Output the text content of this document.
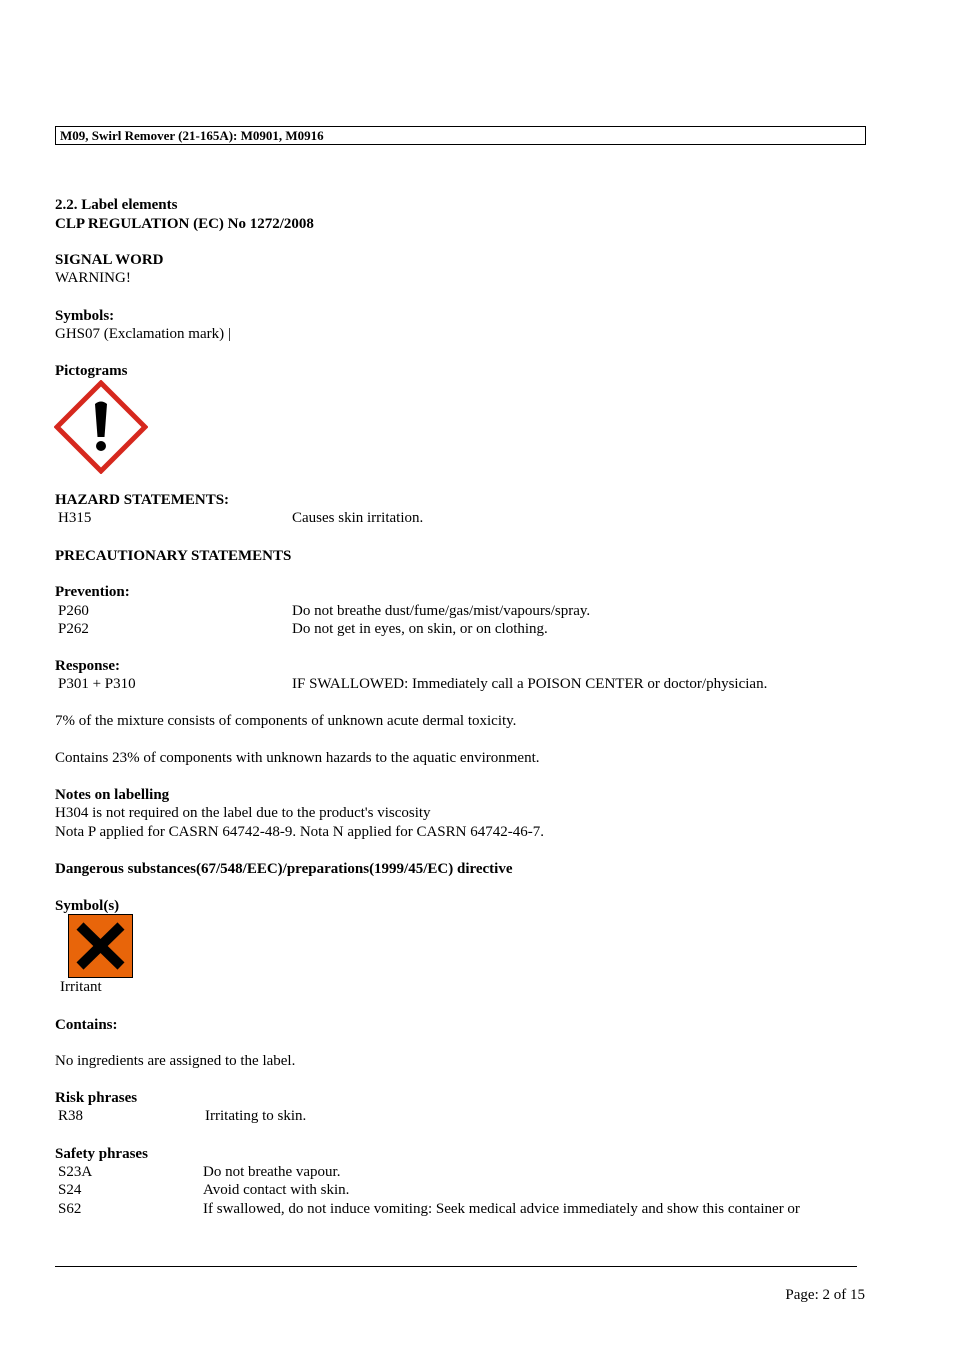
M09, Swirl Remover (21-165A): M0901, M0916
2.2. Label elements
CLP REGULATION (EC) No 1272/2008
SIGNAL WORD
WARNING!
Symbols:
GHS07 (Exclamation mark) |
Pictograms
HAZARD STATEMENTS:
H315	Causes skin irritation.
PRECAUTIONARY STATEMENTS
Prevention:
P260	Do not breathe dust/fume/gas/mist/vapours/spray.
P262	Do not get in eyes, on skin, or on clothing.
Response:
P301 + P310	IF SWALLOWED: Immediately call a POISON CENTER or doctor/physician.
7% of the mixture consists of components of unknown acute dermal toxicity.
Contains 23% of components with unknown hazards to the aquatic environment.
Notes on labelling
H304 is not required on the label due to the product's viscosity
Nota P applied for CASRN 64742-48-9. Nota N applied for CASRN 64742-46-7.
Dangerous substances(67/548/EEC)/preparations(1999/45/EC) directive
Symbol(s)
Irritant
Contains:
No ingredients are assigned to the label.
Risk phrases
R38	Irritating to skin.
Safety phrases
S23A	Do not breathe vapour.
S24	Avoid contact with skin.
S62	If swallowed, do not induce vomiting: Seek medical advice immediately and show this container or
Page: 2 of 15
